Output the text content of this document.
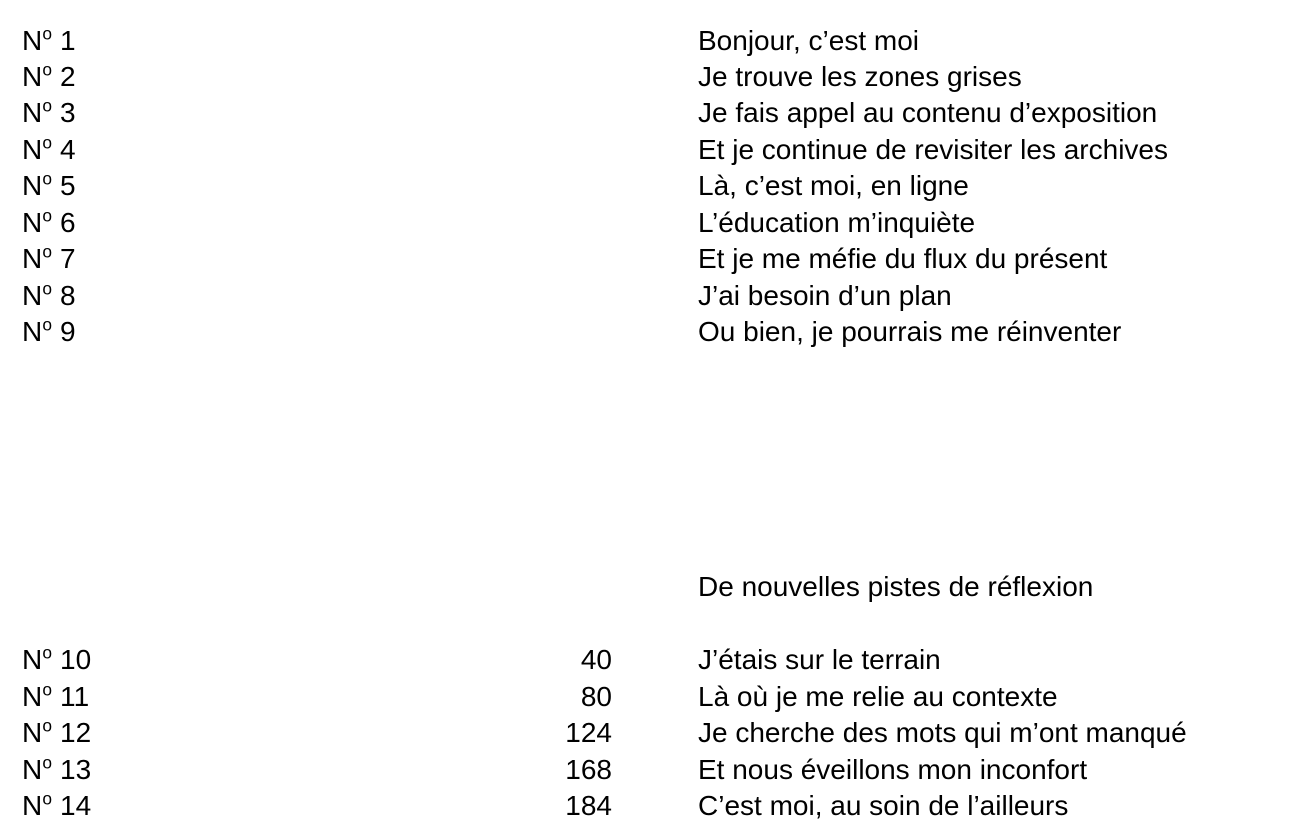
$N^o$ 1	Bonjour, c’est moi
$N^o$ 2	Je trouve les zones grises
$N^o$ 3	Je fais appel au contenu d’exposition
$N^o$ 4	Et je continue de revisiter les archives
$N^o$ 5	Là, c’est moi, en ligne
$N^o$ 6	L’éducation m’inquiète
$N^o$ 7	Et je me méfie du flux du présent
$N^o$ 8	J’ai besoin d’un plan
$N^o$ 9	Ou bien, je pourrais me réinventer
De nouvelles pistes de réflexion
$N^o$ 10	40	J’étais sur le terrain
$N^o$ 11	80	Là où je me relie au contexte
$N^o$ 12	124	Je cherche des mots qui m’ont manqué
$N^o$ 13	168	Et nous éveillons mon inconfort
$N^o$ 14	184	C’est moi, au soin de l’ailleurs
